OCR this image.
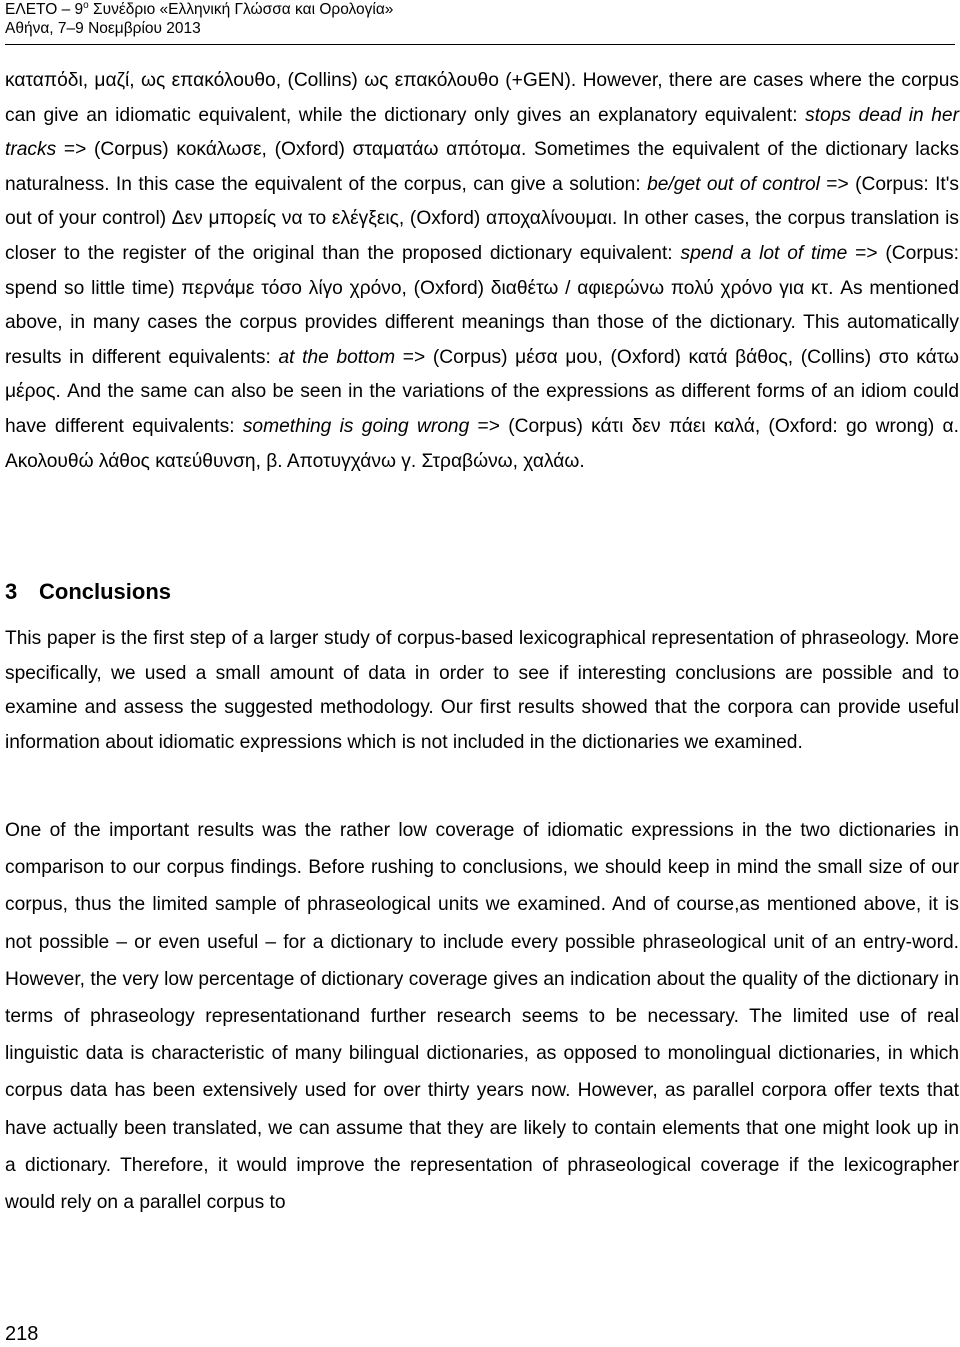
ΕΛΕΤΟ – $9^o$ Συνέδριο «Ελληνική Γλώσσα και Ορολογία»
Αθήνα, 7–9 Νοεμβρίου 2013

καταπόδι, μαζί, ως επακόλουθο, (Collins) ως επακόλουθο (+GEN). However, there are cases where the corpus can give an idiomatic equivalent, while the dictionary only gives an explanatory equivalent: stops dead in her tracks => (Corpus) κοκάλωσε, (Oxford) σταματάω απότομα. Sometimes the equivalent of the dictionary lacks naturalness. In this case the equivalent of the corpus, can give a solution: be/get out of control => (Corpus: It's out of your control) Δεν μπορείς να το ελέγξεις, (Oxford) αποχαλίνουμαι. In other cases, the corpus translation is closer to the register of the original than the proposed dictionary equivalent: spend a lot of time => (Corpus: spend so little time) περνάμε τόσο λίγο χρόνο, (Oxford) διαθέτω / αφιερώνω πολύ χρόνο για κτ. As mentioned above, in many cases the corpus provides different meanings than those of the dictionary. This automatically results in different equivalents: at the bottom => (Corpus) μέσα μου, (Oxford) κατά βάθος, (Collins) στο κάτω μέρος. And the same can also be seen in the variations of the expressions as different forms of an idiom could have different equivalents: something is going wrong => (Corpus) κάτι δεν πάει καλά, (Oxford: go wrong) α. Ακολουθώ λάθος κατεύθυνση, β. Αποτυγχάνω γ. Στραβώνω, χαλάω.

3 Conclusions

This paper is the first step of a larger study of corpus-based lexicographical representation of phraseology. More specifically, we used a small amount of data in order to see if interesting conclusions are possible and to examine and assess the suggested methodology. Our first results showed that the corpora can provide useful information about idiomatic expressions which is not included in the dictionaries we examined.

One of the important results was the rather low coverage of idiomatic expressions in the two dictionaries in comparison to our corpus findings. Before rushing to conclusions, we should keep in mind the small size of our corpus, thus the limited sample of phraseological units we examined. And of course,as mentioned above, it is not possible – or even useful – for a dictionary to include every possible phraseological unit of an entry-word. However, the very low percentage of dictionary coverage gives an indication about the quality of the dictionary in terms of phraseology representationand further research seems to be necessary. The limited use of real linguistic data is characteristic of many bilingual dictionaries, as opposed to monolingual dictionaries, in which corpus data has been extensively used for over thirty years now. However, as parallel corpora offer texts that have actually been translated, we can assume that they are likely to contain elements that one might look up in a dictionary. Therefore, it would improve the representation of phraseological coverage if the lexicographer would rely on a parallel corpus to

218
